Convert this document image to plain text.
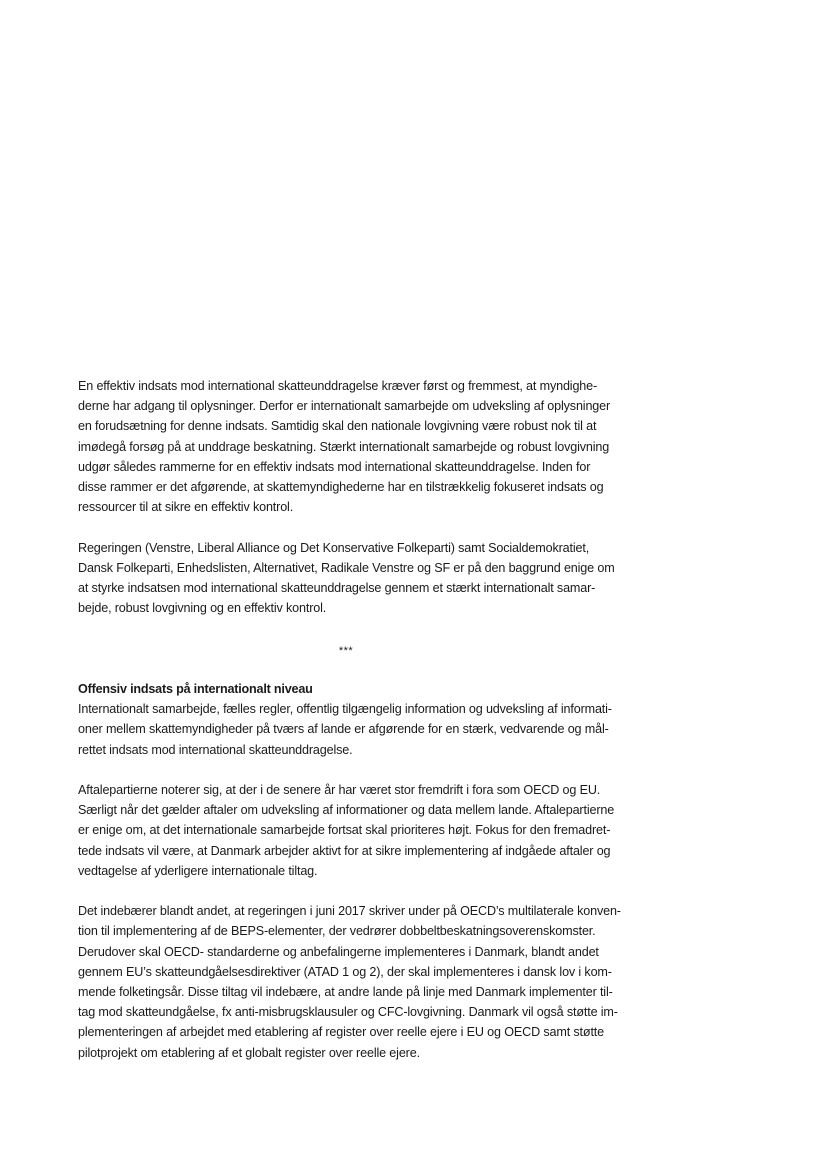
En effektiv indsats mod international skatteunddragelse kræver først og fremmest, at myndighe-
derne har adgang til oplysninger. Derfor er internationalt samarbejde om udveksling af oplysninger
en forudsætning for denne indsats. Samtidig skal den nationale lovgivning være robust nok til at
imødegå forsøg på at unddrage beskatning. Stærkt internationalt samarbejde og robust lovgivning
udgør således rammerne for en effektiv indsats mod international skatteunddragelse. Inden for
disse rammer er det afgørende, at skattemyndighederne har en tilstrækkelig fokuseret indsats og
ressourcer til at sikre en effektiv kontrol.

Regeringen (Venstre, Liberal Alliance og Det Konservative Folkeparti) samt Socialdemokratiet,
Dansk Folkeparti, Enhedslisten, Alternativet, Radikale Venstre og SF er på den baggrund enige om
at styrke indsatsen mod international skatteunddragelse gennem et stærkt internationalt samar-
bejde, robust lovgivning og en effektiv kontrol.

***

Offensiv indsats på internationalt niveau

Internationalt samarbejde, fælles regler, offentlig tilgængelig information og udveksling af informati-
oner mellem skattemyndigheder på tværs af lande er afgørende for en stærk, vedvarende og mål-
rettet indsats mod international skatteunddragelse.

Aftalepartierne noterer sig, at der i de senere år har været stor fremdrift i fora som OECD og EU.
Særligt når det gælder aftaler om udveksling af informationer og data mellem lande. Aftalepartierne
er enige om, at det internationale samarbejde fortsat skal prioriteres højt. Fokus for den fremadret-
tede indsats vil være, at Danmark arbejder aktivt for at sikre implementering af indgåede aftaler og
vedtagelse af yderligere internationale tiltag.

Det indebærer blandt andet, at regeringen i juni 2017 skriver under på OECD’s multilaterale konven-
tion til implementering af de BEPS-elementer, der vedrører dobbeltbeskatningsoverenskomster.
Derudover skal OECD- standarderne og anbefalingerne implementeres i Danmark, blandt andet
gennem EU’s skatteundgåelsesdirektiver (ATAD 1 og 2), der skal implementeres i dansk lov i kom-
mende folketingsår. Disse tiltag vil indebære, at andre lande på linje med Danmark implementer til-
tag mod skatteundgåelse, fx anti-misbrugsklausuler og CFC-lovgivning. Danmark vil også støtte im-
plementeringen af arbejdet med etablering af register over reelle ejere i EU og OECD samt støtte
pilotprojekt om etablering af et globalt register over reelle ejere.
